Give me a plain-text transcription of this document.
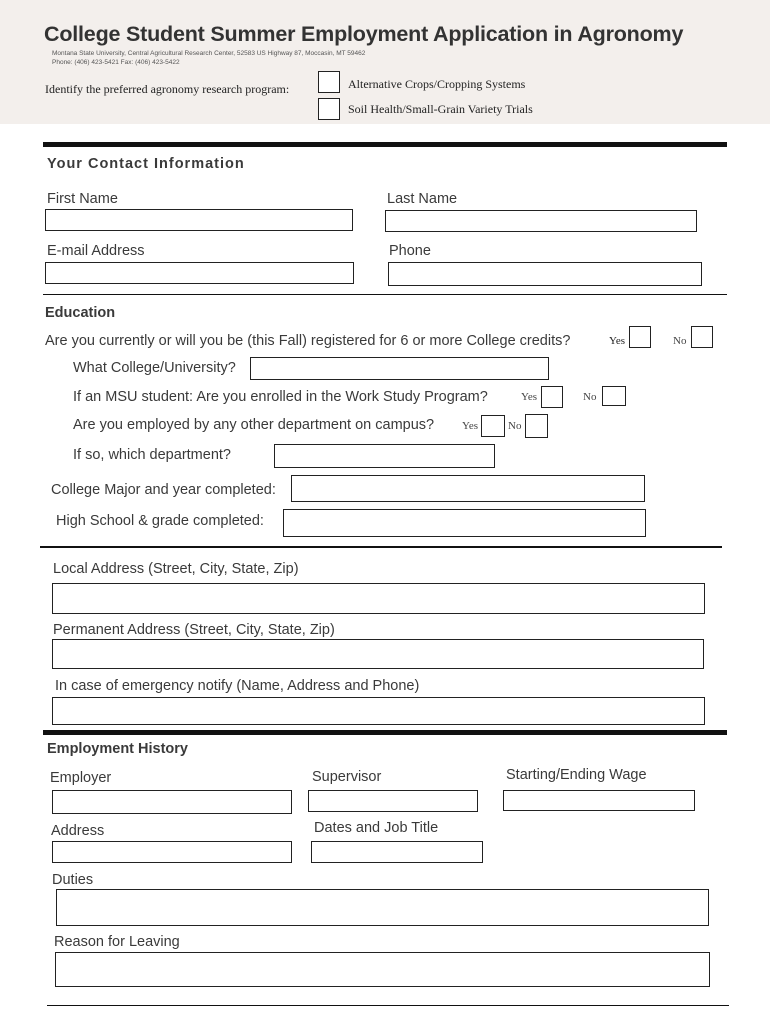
College Student Summer Employment Application in Agronomy
Montana State University, Central Agricultural Research Center, 52583 US Highway 87, Moccasin, MT 59462
Phone: (406) 423-5421 Fax: (406) 423-5422
Identify the preferred agronomy research program:	Alternative Crops/Cropping Systems
Soil Health/Small-Grain Variety Trials
Your Contact Information
First Name	Last Name
E-mail Address	Phone
Education
Are you currently or will you be (this Fall) registered for 6 or more College credits?	Yes	No
What College/University?
If an MSU student: Are you enrolled in the Work Study Program?	Yes	No
Are you employed by any other department on campus?	Yes	No
If so, which department?
College Major and year completed:
High School & grade completed:
Local Address (Street, City, State, Zip)
Permanent Address (Street, City, State, Zip)
In case of emergency notify (Name, Address and Phone)
Employment History
Employer	Supervisor	Starting/Ending Wage
Address	Dates and Job Title
Duties
Reason for Leaving
